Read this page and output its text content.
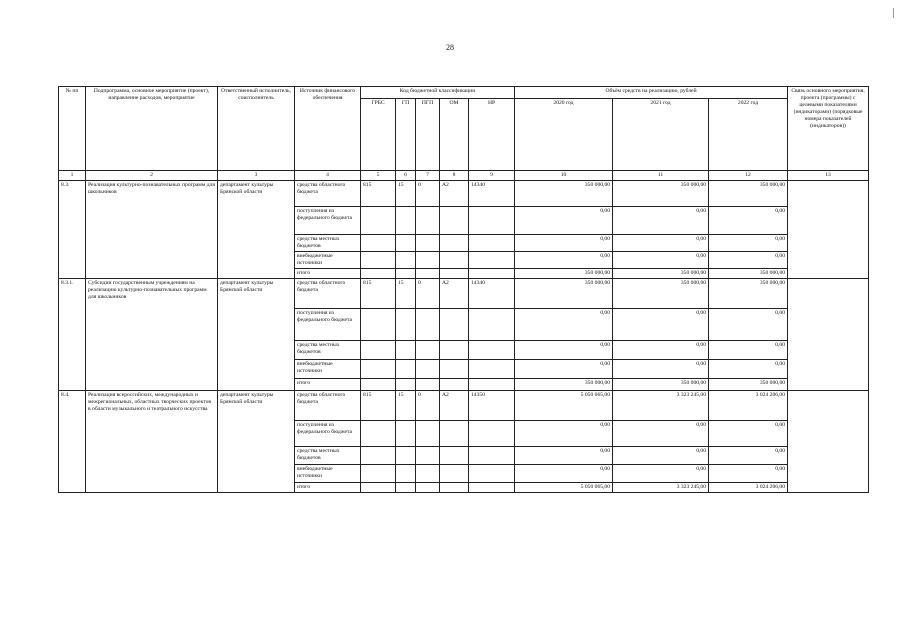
28
№ пп	Подпрограмма, основное мероприятие (проект), направление расходов, мероприятие	Ответственный исполнитель, соисполнитель	Источник финансового обеспечения	Код бюджетной классификации					Объём средств на реализацию, рублей			Связь основного мероприятия, проекта (программы) с целевыми показателями (индикаторами) (порядковые номера показателей (индикаторов))
				ГРБС	ГП	ПГП	ОМ	НР	2020 год	2021 год	2022 год	
1	2	3	4	5	6	7	8	9	10	11	12	13
8.3.	Реализация культурно-познавательных программ для школьников	департамент культуры Брянской области	средства областного бюджета	815	15	0	А2	14340	350 000,00	350 000,00	350 000,00	
			поступления из федерального бюджета						0,00	0,00	0,00	
			средства местных бюджетов						0,00	0,00	0,00	
			внебюджетные источники						0,00	0,00	0,00	
			итого						350 000,00	350 000,00	350 000,00	
8.3.1.	Субсидии государственным учреждениям на реализацию культурно-познавательных программ для школьников	департамент культуры Брянской области	средства областного бюджета	815	15	0	А2	14340	350 000,00	350 000,00	350 000,00	
			поступления из федерального бюджета						0,00	0,00	0,00	
			средства местных бюджетов						0,00	0,00	0,00	
			внебюджетные источники						0,00	0,00	0,00	
			итого						350 000,00	350 000,00	350 000,00	
8.4.	Реализация всероссийских, международных и межрегиональных, областных творческих проектов в области музыкального и театрального искусства	департамент культуры Брянской области	средства областного бюджета	815	15	0	А2	14350	5 050 065,00	3 323 245,00	3 024 206,00	
			поступления из федерального бюджета						0,00	0,00	0,00	
			средства местных бюджетов						0,00	0,00	0,00	
			внебюджетные источники						0,00	0,00	0,00	
			итого						5 050 065,00	3 323 245,00	3 024 206,00	
